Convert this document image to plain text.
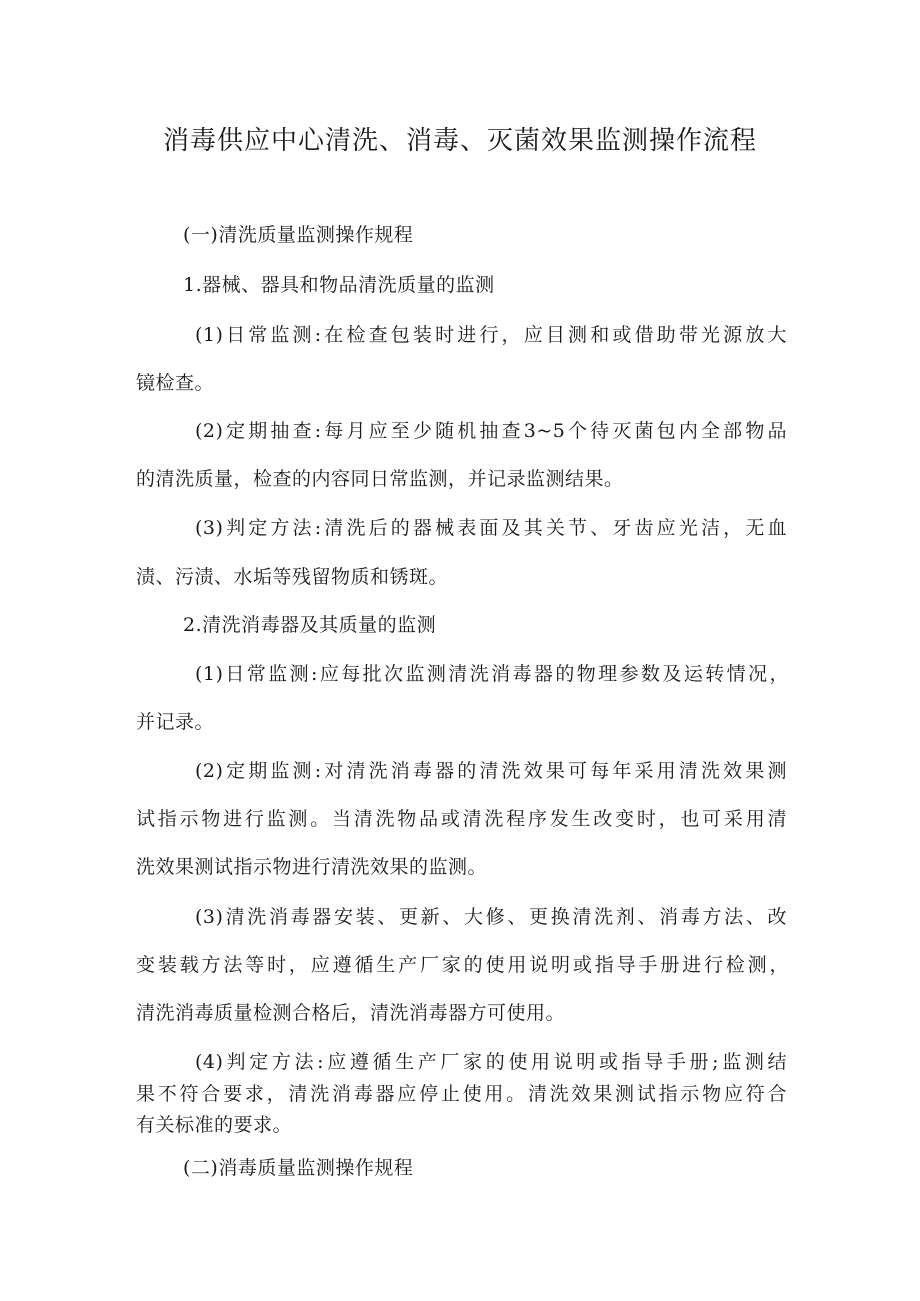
消毒供应中心清洗、消毒、灭菌效果监测操作流程
(一)清洗质量监测操作规程
1.器械、器具和物品清洗质量的监测
(1)日常监测:在检查包装时进行，应目测和或借助带光源放大
镜检查。
(2)定期抽查:每月应至少随机抽查3~5个待灭菌包内全部物品
的清洗质量，检查的内容同日常监测，并记录监测结果。
(3)判定方法:清洗后的器械表面及其关节、牙齿应光洁，无血
渍、污渍、水垢等残留物质和锈斑。
2.清洗消毒器及其质量的监测
(1)日常监测:应每批次监测清洗消毒器的物理参数及运转情况，
并记录。
(2)定期监测:对清洗消毒器的清洗效果可每年采用清洗效果测
试指示物进行监测。当清洗物品或清洗程序发生改变时，也可采用清
洗效果测试指示物进行清洗效果的监测。
(3)清洗消毒器安装、更新、大修、更换清洗剂、消毒方法、改
变装载方法等时，应遵循生产厂家的使用说明或指导手册进行检测，
清洗消毒质量检测合格后，清洗消毒器方可使用。
(4)判定方法:应遵循生产厂家的使用说明或指导手册;监测结
果不符合要求，清洗消毒器应停止使用。清洗效果测试指示物应符合
有关标准的要求。
(二)消毒质量监测操作规程
